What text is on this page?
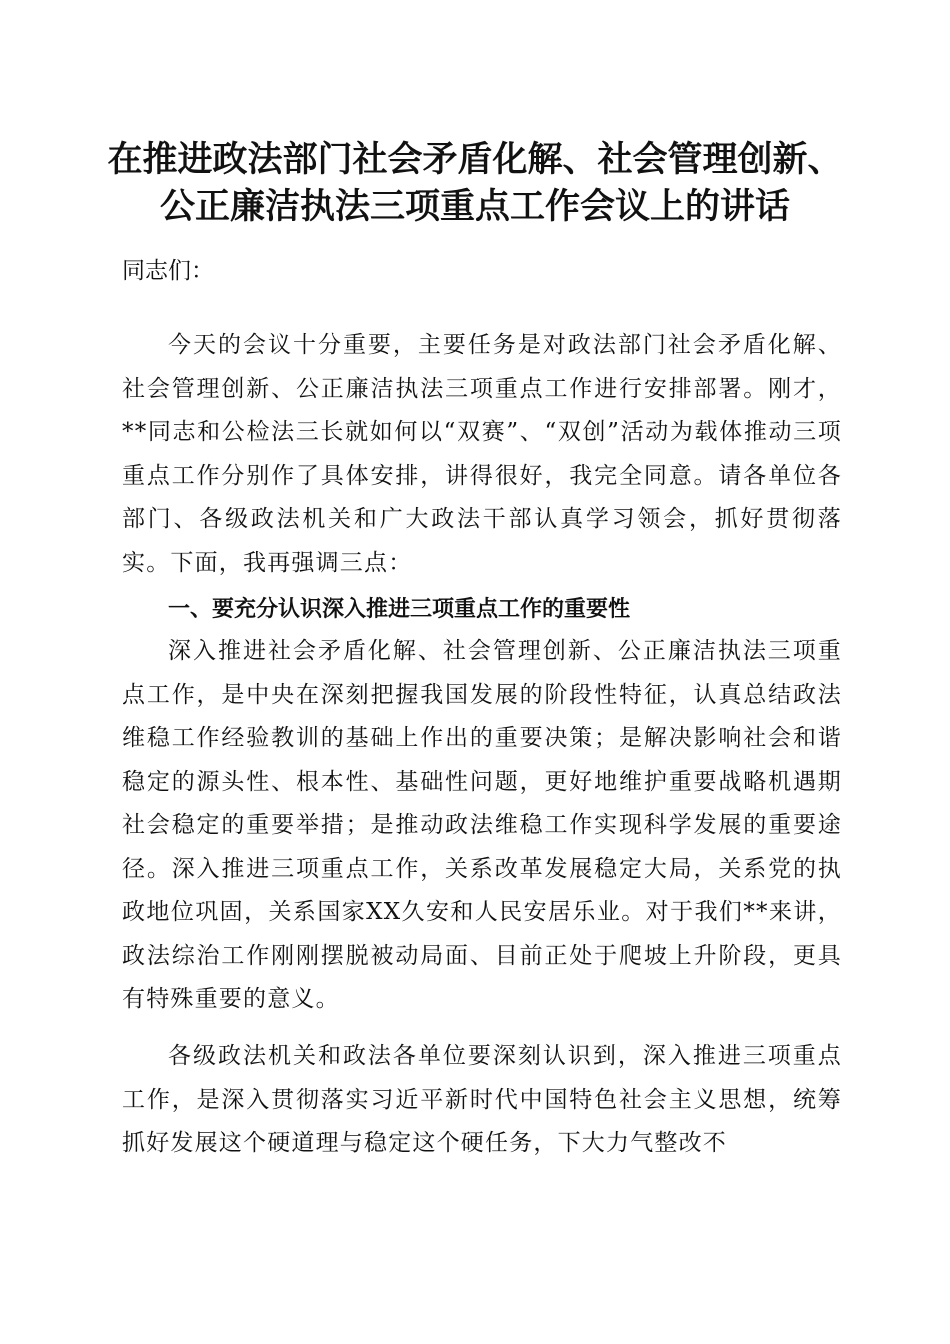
在推进政法部门社会矛盾化解、社会管理创新、
公正廉洁执法三项重点工作会议上的讲话
同志们：

今天的会议十分重要，主要任务是对政法部门社会矛盾化解、社会管理创新、公正廉洁执法三项重点工作进行安排部署。刚才，**同志和公检法三长就如何以“双赛”、“双创”活动为载体推动三项重点工作分别作了具体安排，讲得很好，我完全同意。请各单位各部门、各级政法机关和广大政法干部认真学习领会，抓好贯彻落实。下面，我再强调三点：

一、要充分认识深入推进三项重点工作的重要性

深入推进社会矛盾化解、社会管理创新、公正廉洁执法三项重点工作，是中央在深刻把握我国发展的阶段性特征，认真总结政法维稳工作经验教训的基础上作出的重要决策；是解决影响社会和谐稳定的源头性、根本性、基础性问题，更好地维护重要战略机遇期社会稳定的重要举措；是推动政法维稳工作实现科学发展的重要途径。深入推进三项重点工作，关系改革发展稳定大局，关系党的执政地位巩固，关系国家XX久安和人民安居乐业。对于我们**来讲，政法综治工作刚刚摆脱被动局面、目前正处于爬坡上升阶段，更具有特殊重要的意义。

各级政法机关和政法各单位要深刻认识到，深入推进三项重点工作，是深入贯彻落实习近平新时代中国特色社会主义思想，统筹抓好发展这个硬道理与稳定这个硬任务，下大力气整改不
